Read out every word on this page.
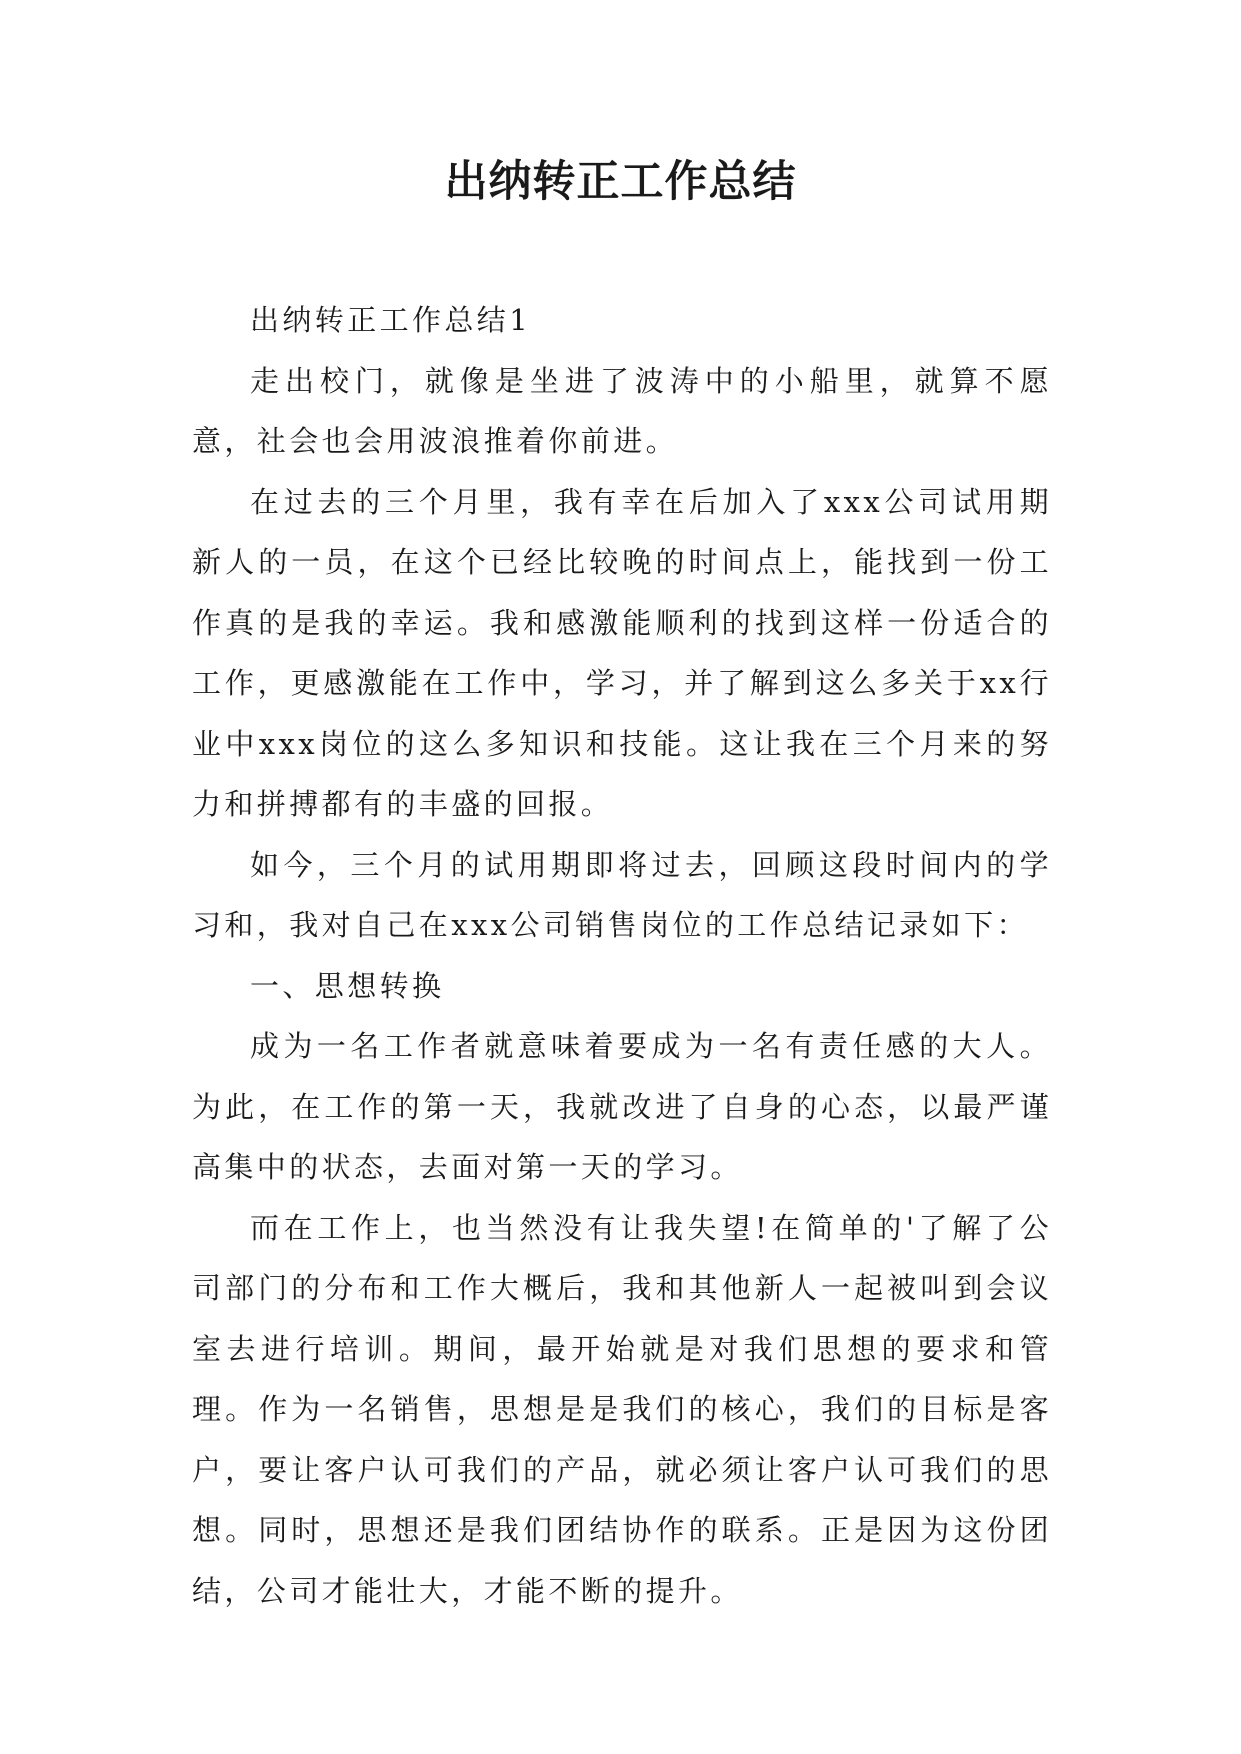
出纳转正工作总结

出纳转正工作总结1

走出校门，就像是坐进了波涛中的小船里，就算不愿意，社会也会用波浪推着你前进。

在过去的三个月里，我有幸在后加入了xxx公司试用期新人的一员，在这个已经比较晚的时间点上，能找到一份工作真的是我的幸运。我和感激能顺利的找到这样一份适合的工作，更感激能在工作中，学习，并了解到这么多关于xx行业中xxx岗位的这么多知识和技能。这让我在三个月来的努力和拼搏都有的丰盛的回报。

如今，三个月的试用期即将过去，回顾这段时间内的学习和，我对自己在xxx公司销售岗位的工作总结记录如下：

一、思想转换

成为一名工作者就意味着要成为一名有责任感的大人。为此，在工作的第一天，我就改进了自身的心态，以最严谨高集中的状态，去面对第一天的学习。

而在工作上，也当然没有让我失望!在简单的'了解了公司部门的分布和工作大概后，我和其他新人一起被叫到会议室去进行培训。期间，最开始就是对我们思想的要求和管理。作为一名销售，思想是是我们的核心，我们的目标是客户，要让客户认可我们的产品，就必须让客户认可我们的思想。同时，思想还是我们团结协作的联系。正是因为这份团结，公司才能壮大，才能不断的提升。
